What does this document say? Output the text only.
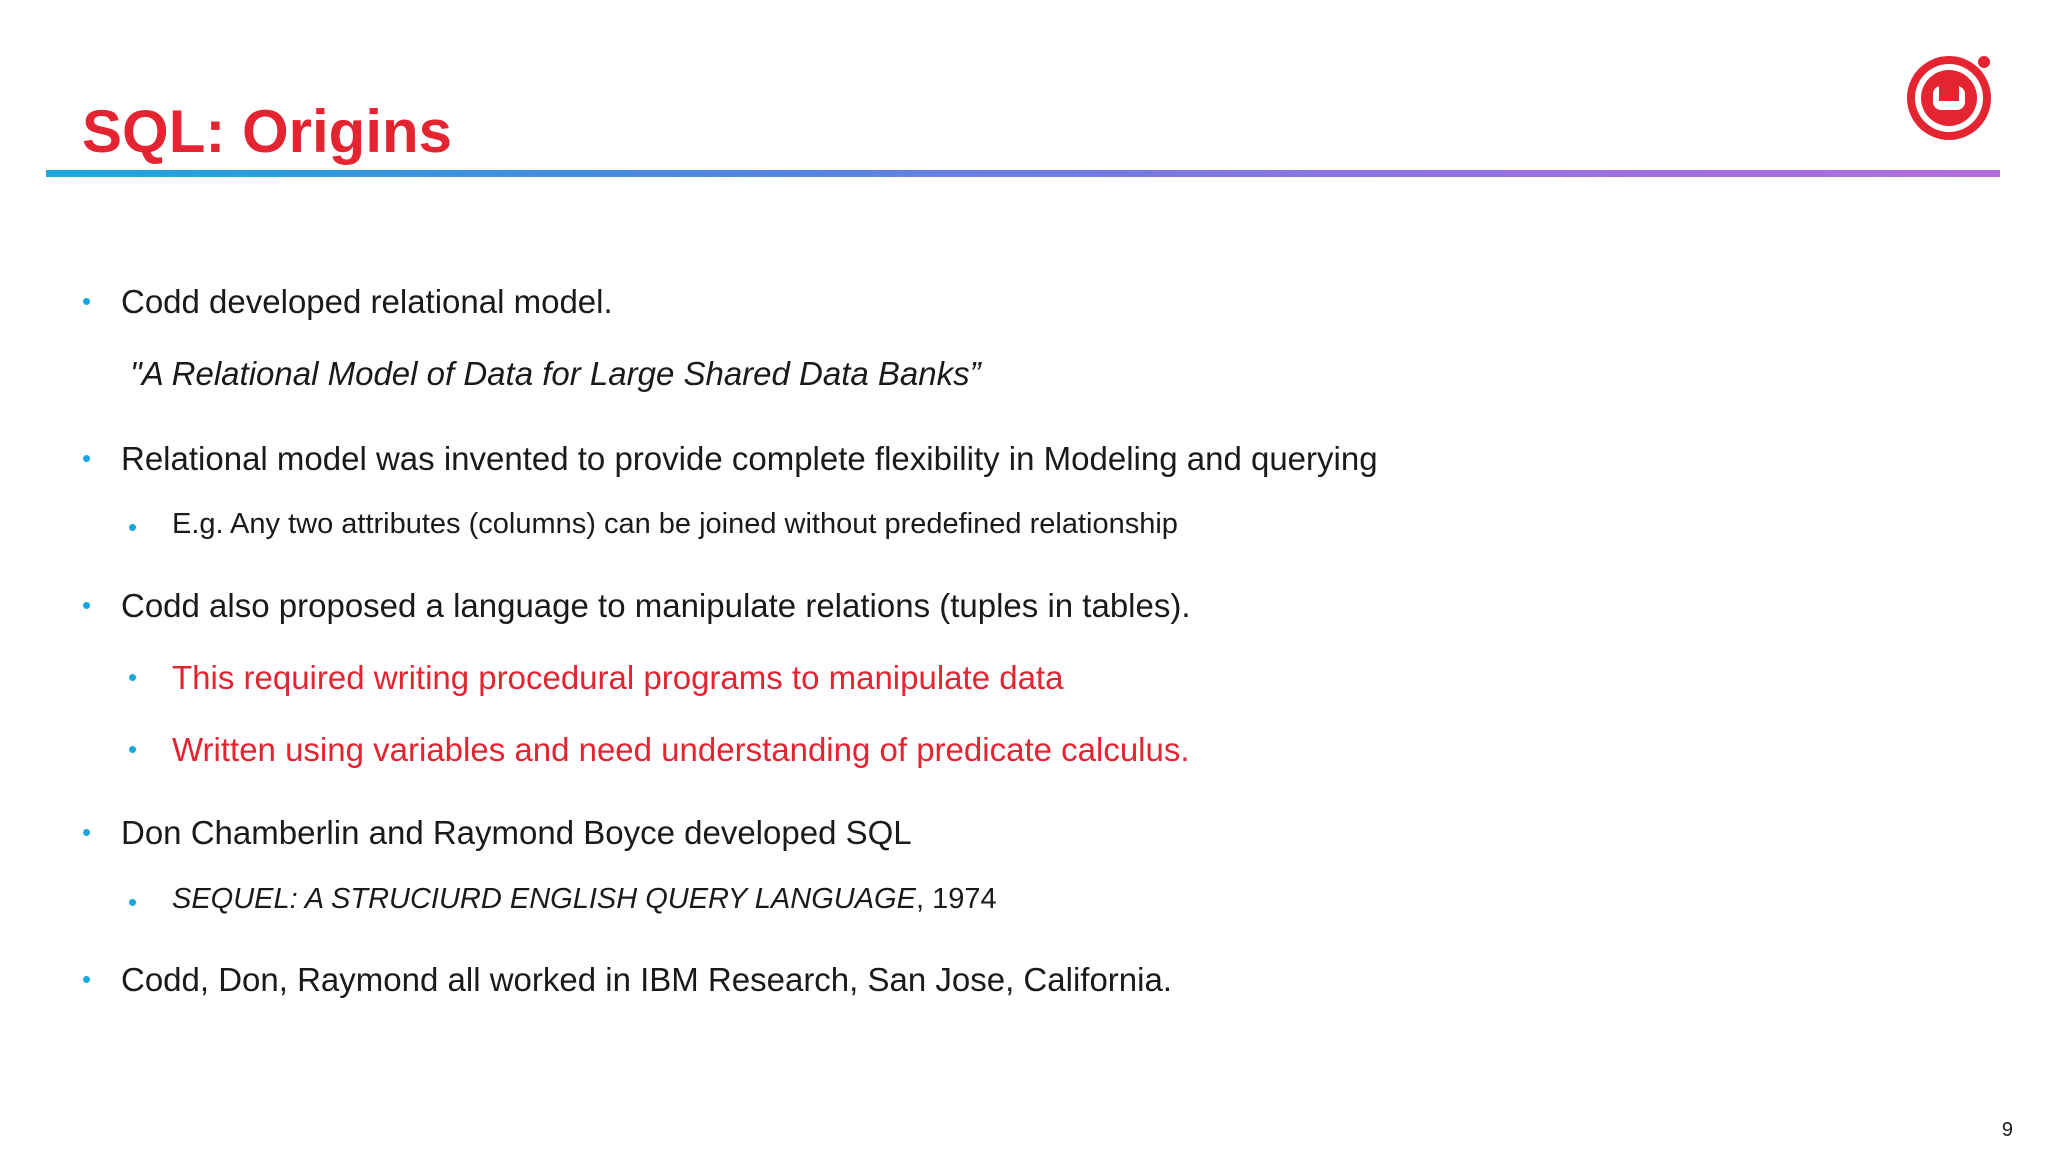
SQL: Origins
• Codd developed relational model.
"A Relational Model of Data for Large Shared Data Banks”
• Relational model was invented to provide complete flexibility in Modeling and querying
• E.g. Any two attributes (columns) can be joined without predefined relationship
• Codd also proposed a language to manipulate relations (tuples in tables).
• This required writing procedural programs to manipulate data
• Written using variables and need understanding of predicate calculus.
• Don Chamberlin and Raymond Boyce developed SQL
• SEQUEL: A STRUCIURD ENGLISH QUERY LANGUAGE, 1974
• Codd, Don, Raymond all worked in IBM Research, San Jose, California.
9
